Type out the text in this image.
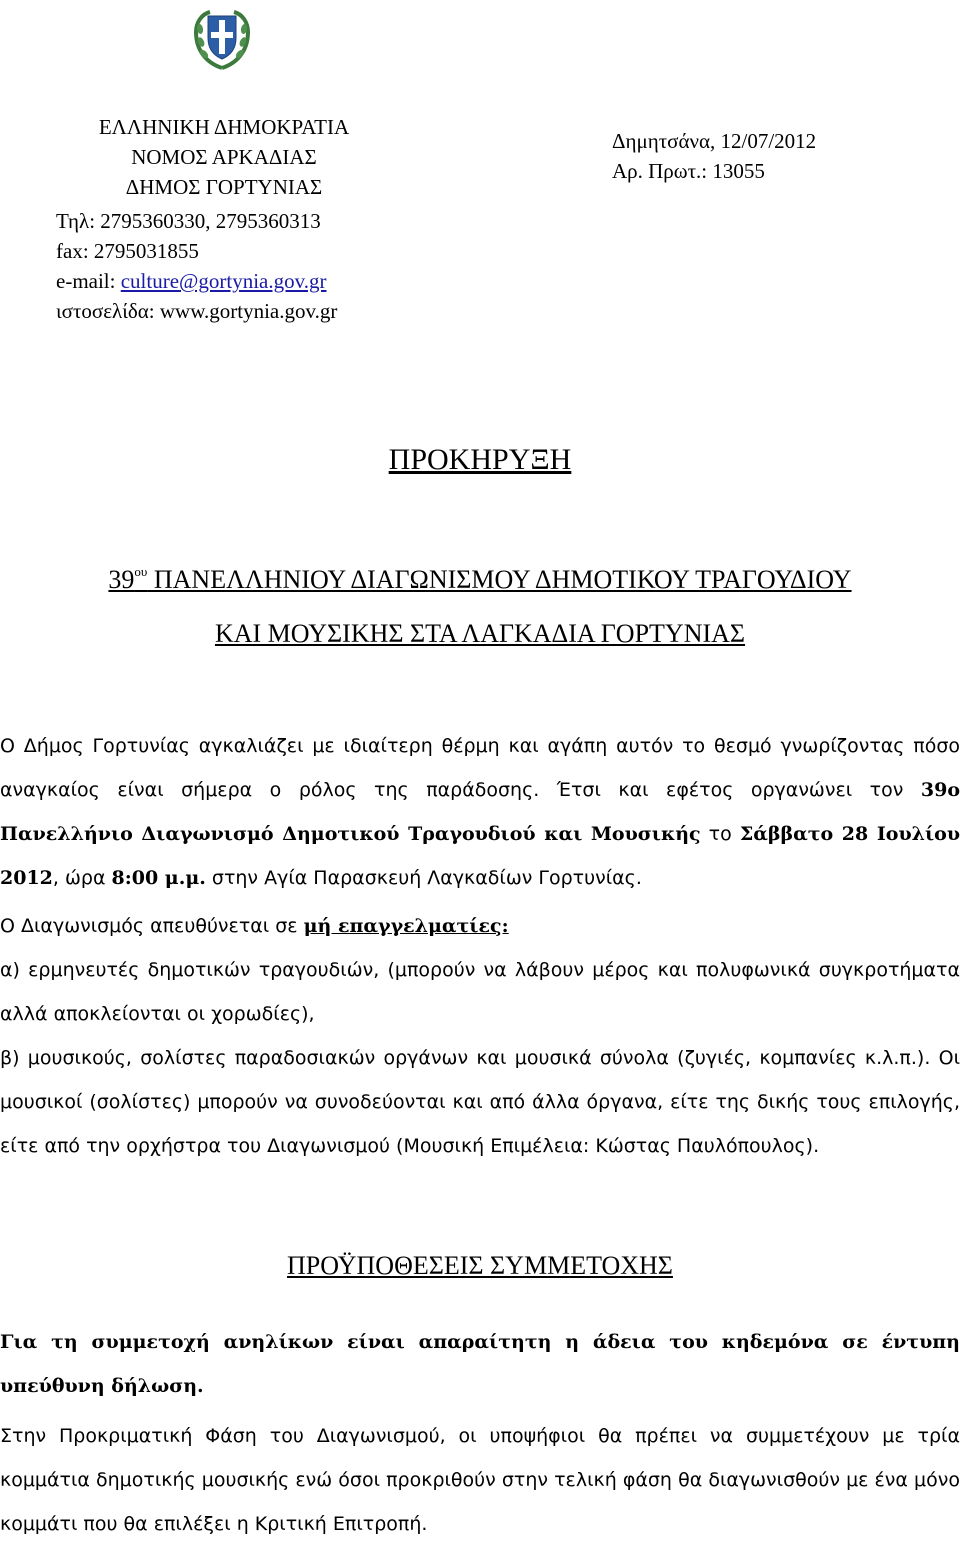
ΕΛΛΗΝΙΚΗ ΔΗΜΟΚΡΑΤΙΑ
ΝΟΜΟΣ ΑΡΚΑΔΙΑΣ
ΔΗΜΟΣ ΓΟΡΤΥΝΙΑΣ
Τηλ: 2795360330, 2795360313
fax: 2795031855
e-mail: culture@gortynia.gov.gr
ιστοσελίδα: www.gortynia.gov.gr
Δημητσάνα, 12/07/2012
Αρ. Πρωτ.: 13055
ΠΡΟΚΗΡΥΞΗ
$39^{o\upsilon}$ ΠΑΝΕΛΛΗΝΙΟΥ ΔΙΑΓΩΝΙΣΜΟΥ ΔΗΜΟΤΙΚΟΥ ΤΡΑΓΟΥΔΙΟΥ
ΚΑΙ ΜΟΥΣΙΚΗΣ ΣΤΑ ΛΑΓΚΑΔΙΑ ΓΟΡΤΥΝΙΑΣ

Ο Δήμος Γορτυνίας αγκαλιάζει με ιδιαίτερη θέρμη και αγάπη αυτόν το θεσμό γνωρίζοντας πόσο αναγκαίος είναι σήμερα ο ρόλος της παράδοσης. Έτσι και εφέτος οργανώνει τον 39ο Πανελλήνιο Διαγωνισμό Δημοτικού Τραγουδιού και Μουσικής το Σάββατο 28 Ιουλίου 2012, ώρα 8:00 μ.μ. στην Αγία Παρασκευή Λαγκαδίων Γορτυνίας.

Ο Διαγωνισμός απευθύνεται σε μή επαγγελματίες:

α) ερμηνευτές δημοτικών τραγουδιών, (μπορούν να λάβουν μέρος και πολυφωνικά συγκροτήματα αλλά αποκλείονται οι χορωδίες),

β) μουσικούς, σολίστες παραδοσιακών οργάνων και μουσικά σύνολα (ζυγιές, κομπανίες κ.λ.π.). Οι μουσικοί (σολίστες) μπορούν να συνοδεύονται και από άλλα όργανα, είτε της δικής τους επιλογής, είτε από την ορχήστρα του Διαγωνισμού (Μουσική Επιμέλεια: Κώστας Παυλόπουλος).

ΠΡΟΫΠΟΘΕΣΕΙΣ ΣΥΜΜΕΤΟΧΗΣ

Για τη συμμετοχή ανηλίκων είναι απαραίτητη η άδεια του κηδεμόνα σε έντυπη υπεύθυνη δήλωση.

Στην Προκριματική Φάση του Διαγωνισμού, οι υποψήφιοι θα πρέπει να συμμετέχουν με τρία κομμάτια δημοτικής μουσικής ενώ όσοι προκριθούν στην τελική φάση θα διαγωνισθούν με ένα μόνο κομμάτι που θα επιλέξει η Κριτική Επιτροπή.
